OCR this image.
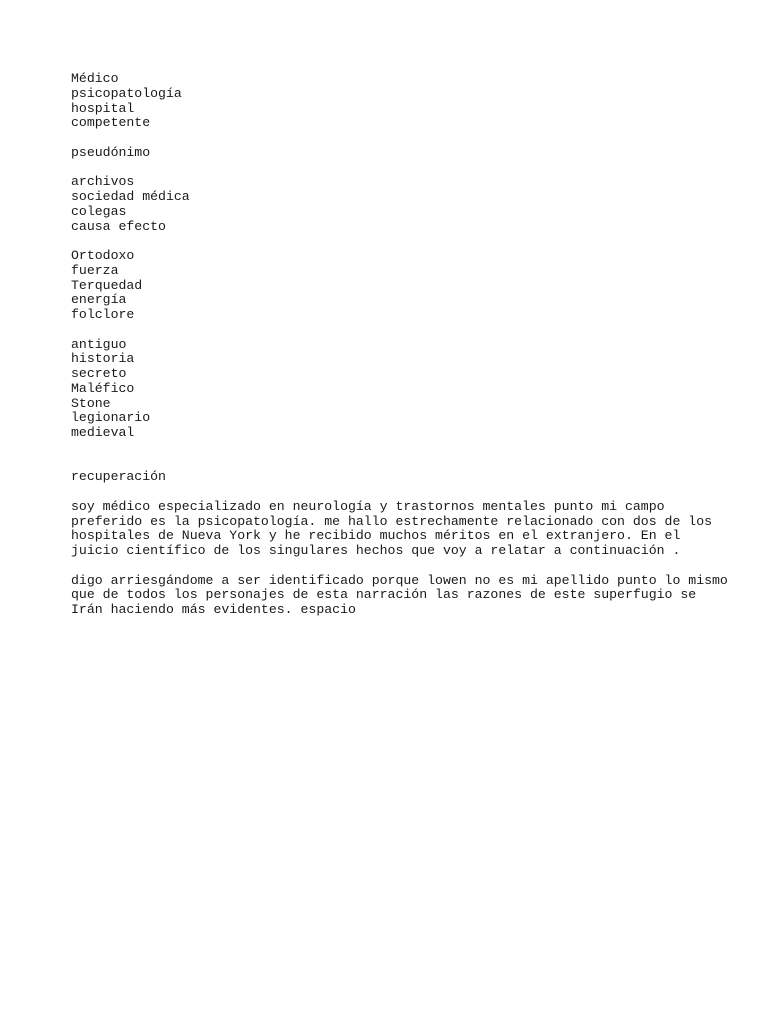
Médico
psicopatología
hospital
competente
pseudónimo
archivos
sociedad médica
colegas
causa efecto
Ortodoxo
fuerza
Terquedad
energía
folclore
antiguo
historia
secreto
Maléfico
Stone
legionario
medieval
recuperación
soy médico especializado en neurología y trastornos mentales punto mi campo
preferido es la psicopatología. me hallo estrechamente relacionado con dos de los
hospitales de Nueva York y he recibido muchos méritos en el extranjero. En el
juicio científico de los singulares hechos que voy a relatar a continuación .
digo arriesgándome a ser identificado porque lowen no es mi apellido punto lo mismo
que de todos los personajes de esta narración las razones de este superfugio se
Irán haciendo más evidentes. espacio
